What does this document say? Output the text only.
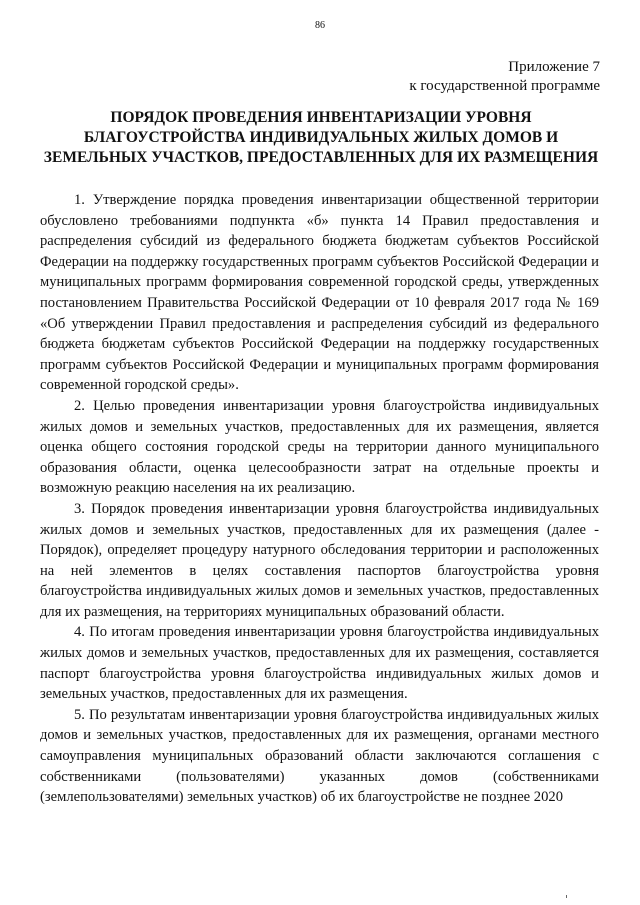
86
Приложение 7
к государственной программе
ПОРЯДОК ПРОВЕДЕНИЯ ИНВЕНТАРИЗАЦИИ УРОВНЯ
БЛАГОУСТРОЙСТВА ИНДИВИДУАЛЬНЫХ ЖИЛЫХ ДОМОВ И
ЗЕМЕЛЬНЫХ УЧАСТКОВ, ПРЕДОСТАВЛЕННЫХ ДЛЯ ИХ РАЗМЕЩЕНИЯ

1. Утверждение порядка проведения инвентаризации общественной территории обусловлено требованиями подпункта «б» пункта 14 Правил предоставления и распределения субсидий из федерального бюджета бюджетам субъектов Российской Федерации на поддержку государственных программ субъектов Российской Федерации и муниципальных программ формирования современной городской среды, утвержденных постановлением Правительства Российской Федерации от 10 февраля 2017 года № 169 «Об утверждении Правил предоставления и распределения субсидий из федерального бюджета бюджетам субъектов Российской Федерации на поддержку государственных программ субъектов Российской Федерации и муниципальных программ формирования современной городской среды».

2. Целью проведения инвентаризации уровня благоустройства индивидуальных жилых домов и земельных участков, предоставленных для их размещения, является оценка общего состояния городской среды на территории данного муниципального образования области, оценка целесообразности затрат на отдельные проекты и возможную реакцию населения на их реализацию.

3. Порядок проведения инвентаризации уровня благоустройства индивидуальных жилых домов и земельных участков, предоставленных для их размещения (далее - Порядок), определяет процедуру натурного обследования территории и расположенных на ней элементов в целях составления паспортов благоустройства уровня благоустройства индивидуальных жилых домов и земельных участков, предоставленных для их размещения, на территориях муниципальных образований области.

4. По итогам проведения инвентаризации уровня благоустройства индивидуальных жилых домов и земельных участков, предоставленных для их размещения, составляется паспорт благоустройства уровня благоустройства индивидуальных жилых домов и земельных участков, предоставленных для их размещения.

5. По результатам инвентаризации уровня благоустройства индивидуальных жилых домов и земельных участков, предоставленных для их размещения, органами местного самоуправления муниципальных образований области заключаются соглашения с собственниками (пользователями) указанных домов (собственниками (землепользователями) земельных участков) об их благоустройстве не позднее 2020
